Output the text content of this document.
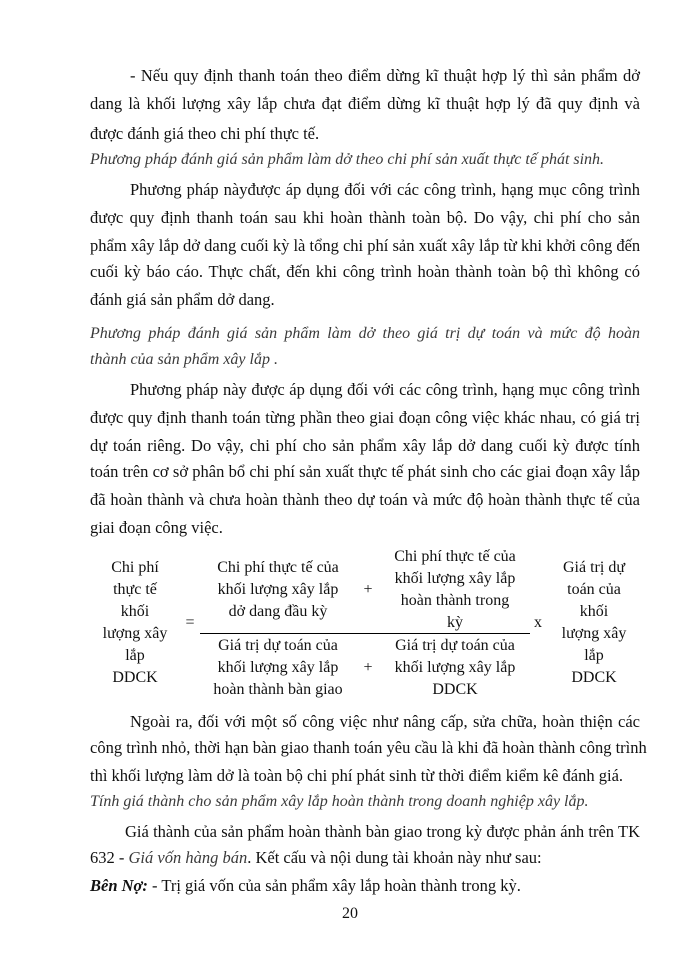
- Nếu quy định thanh toán theo điểm dừng kĩ thuật hợp lý thì sản phẩm dở
dang là khối lượng xây lắp chưa đạt điểm dừng kĩ thuật hợp lý đã quy định và
được đánh giá theo chi phí thực tế.
Phương pháp đánh giá sản phẩm làm dở theo chi phí sản xuất thực tế phát sinh.
Phương pháp nàyđược áp dụng đối với các công trình, hạng mục công trình
được quy định thanh toán sau khi hoàn thành toàn bộ. Do vậy, chi phí cho sản
phẩm xây lắp dở dang cuối kỳ là tổng chi phí sản xuất xây lắp từ khi khởi công đến
cuối kỳ báo cáo. Thực chất, đến khi công trình hoàn thành toàn bộ thì không có
đánh giá sản phẩm dở dang.
Phương pháp đánh giá sản phẩm làm dở theo giá trị dự toán và mức độ hoàn
thành của sản phẩm xây lắp .
Phương pháp này được áp dụng đối với các công trình, hạng mục công trình
được quy định thanh toán từng phần theo giai đoạn công việc khác nhau, có giá trị
dự toán riêng. Do vậy, chi phí cho sản phẩm xây lắp dở dang cuối kỳ được tính
toán trên cơ sở phân bổ chi phí sản xuất thực tế phát sinh cho các giai đoạn xây lắp
đã hoàn thành và chưa hoàn thành theo dự toán và mức độ hoàn thành thực tế của
giai đoạn công việc.
Chi phí
thực tế
khối
lượng xây
lắp
DDCK
=
Chi phí thực tế của
khối lượng xây lắp
dở dang đầu kỳ
+
Chi phí thực tế của
khối lượng xây lắp
hoàn thành trong
kỳ
Giá trị dự toán của
khối lượng xây lắp
hoàn thành bàn giao
+
Giá trị dự toán của
khối lượng xây lắp
DDCK
x
Giá trị dự
toán của
khối
lượng xây
lắp
DDCK
Ngoài ra, đối với một số công việc như nâng cấp, sửa chữa, hoàn thiện các
công trình nhỏ, thời hạn bàn giao thanh toán yêu cầu là khi đã hoàn thành công trình
thì khối lượng làm dở là toàn bộ chi phí phát sinh từ thời điểm kiểm kê đánh giá.
Tính giá thành cho sản phẩm xây lắp hoàn thành trong doanh nghiệp xây lắp.
Giá thành của sản phẩm hoàn thành bàn giao trong kỳ được phản ánh trên TK
632 - Giá vốn hàng bán. Kết cấu và nội dung tài khoản này như sau:
Bên Nợ: - Trị giá vốn của sản phẩm xây lắp hoàn thành trong kỳ.
20
